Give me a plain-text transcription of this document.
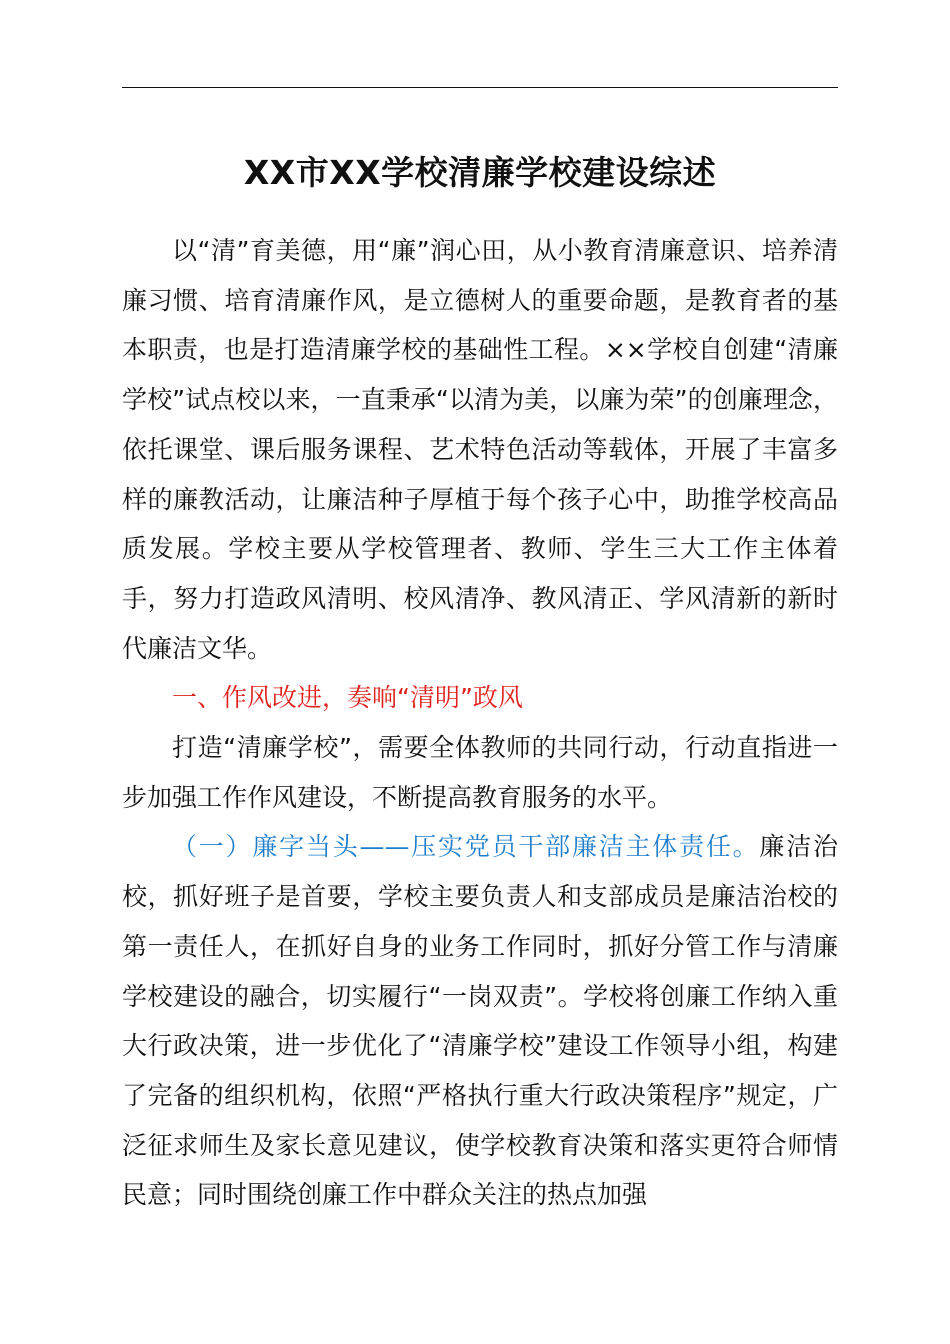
XX市XX学校清廉学校建设综述

以“清”育美德，用“廉”润心田，从小教育清廉意识、培养清廉习惯、培育清廉作风，是立德树人的重要命题，是教育者的基本职责，也是打造清廉学校的基础性工程。××学校自创建“清廉学校”试点校以来，一直秉承“以清为美，以廉为荣”的创廉理念，依托课堂、课后服务课程、艺术特色活动等载体，开展了丰富多样的廉教活动，让廉洁种子厚植于每个孩子心中，助推学校高品质发展。学校主要从学校管理者、教师、学生三大工作主体着手，努力打造政风清明、校风清净、教风清正、学风清新的新时代廉洁文华。

一、作风改进，奏响“清明”政风

打造“清廉学校”，需要全体教师的共同行动，行动直指进一步加强工作作风建设，不断提高教育服务的水平。

（一）廉字当头——压实党员干部廉洁主体责任。廉洁治校，抓好班子是首要，学校主要负责人和支部成员是廉洁治校的第一责任人，在抓好自身的业务工作同时，抓好分管工作与清廉学校建设的融合，切实履行“一岗双责”。学校将创廉工作纳入重大行政决策，进一步优化了“清廉学校”建设工作领导小组，构建了完备的组织机构，依照“严格执行重大行政决策程序”规定，广泛征求师生及家长意见建议，使学校教育决策和落实更符合师情民意；同时围绕创廉工作中群众关注的热点加强
